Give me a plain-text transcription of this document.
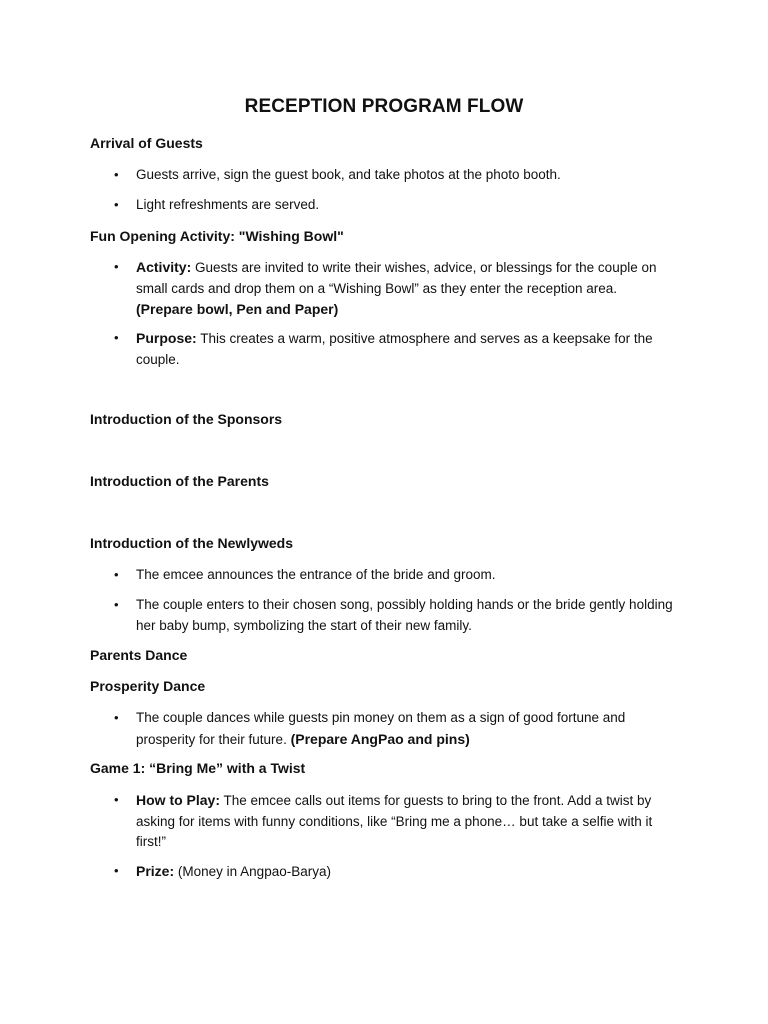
RECEPTION PROGRAM FLOW
Arrival of Guests
• Guests arrive, sign the guest book, and take photos at the photo booth.
• Light refreshments are served.
Fun Opening Activity: "Wishing Bowl"
• Activity: Guests are invited to write their wishes, advice, or blessings for the couple on small cards and drop them on a “Wishing Bowl” as they enter the reception area. (Prepare bowl, Pen and Paper)
• Purpose: This creates a warm, positive atmosphere and serves as a keepsake for the couple.
Introduction of the Sponsors
Introduction of the Parents
Introduction of the Newlyweds
• The emcee announces the entrance of the bride and groom.
• The couple enters to their chosen song, possibly holding hands or the bride gently holding her baby bump, symbolizing the start of their new family.
Parents Dance
Prosperity Dance
• The couple dances while guests pin money on them as a sign of good fortune and prosperity for their future. (Prepare AngPao and pins)
Game 1: “Bring Me” with a Twist
• How to Play: The emcee calls out items for guests to bring to the front. Add a twist by asking for items with funny conditions, like “Bring me a phone… but take a selfie with it first!”
• Prize: (Money in Angpao-Barya)
